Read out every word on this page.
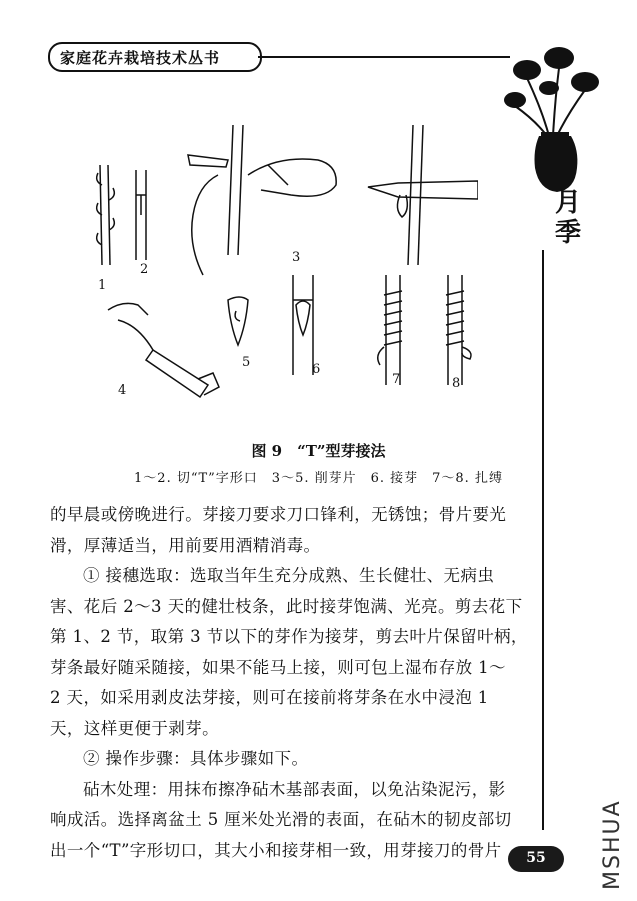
家庭花卉栽培技术丛书
月季
1
2
3
4
5	6
7	8
图 9　“T”型芽接法
1～2. 切“T”字形口　3～5. 削芽片　6. 接芽　7～8. 扎缚

的早晨或傍晚进行。芽接刀要求刀口锋利，无锈蚀；骨片要光

滑，厚薄适当，用前要用酒精消毒。

① 接穗选取：选取当年生充分成熟、生长健壮、无病虫

害、花后 2～3 天的健壮枝条，此时接芽饱满、光亮。剪去花下

第 1、2 节，取第 3 节以下的芽作为接芽，剪去叶片保留叶柄，

芽条最好随采随接，如果不能马上接，则可包上湿布存放 1～

2 天，如采用剥皮法芽接，则可在接前将芽条在水中浸泡 1

天，这样更便于剥芽。

② 操作步骤：具体步骤如下。

砧木处理：用抹布擦净砧木基部表面，以免沾染泥污，影

响成活。选择离盆土 5 厘米处光滑的表面，在砧木的韧皮部切

出一个“T”字形切口，其大小和接芽相一致，用芽接刀的骨片	55	MSHUA
